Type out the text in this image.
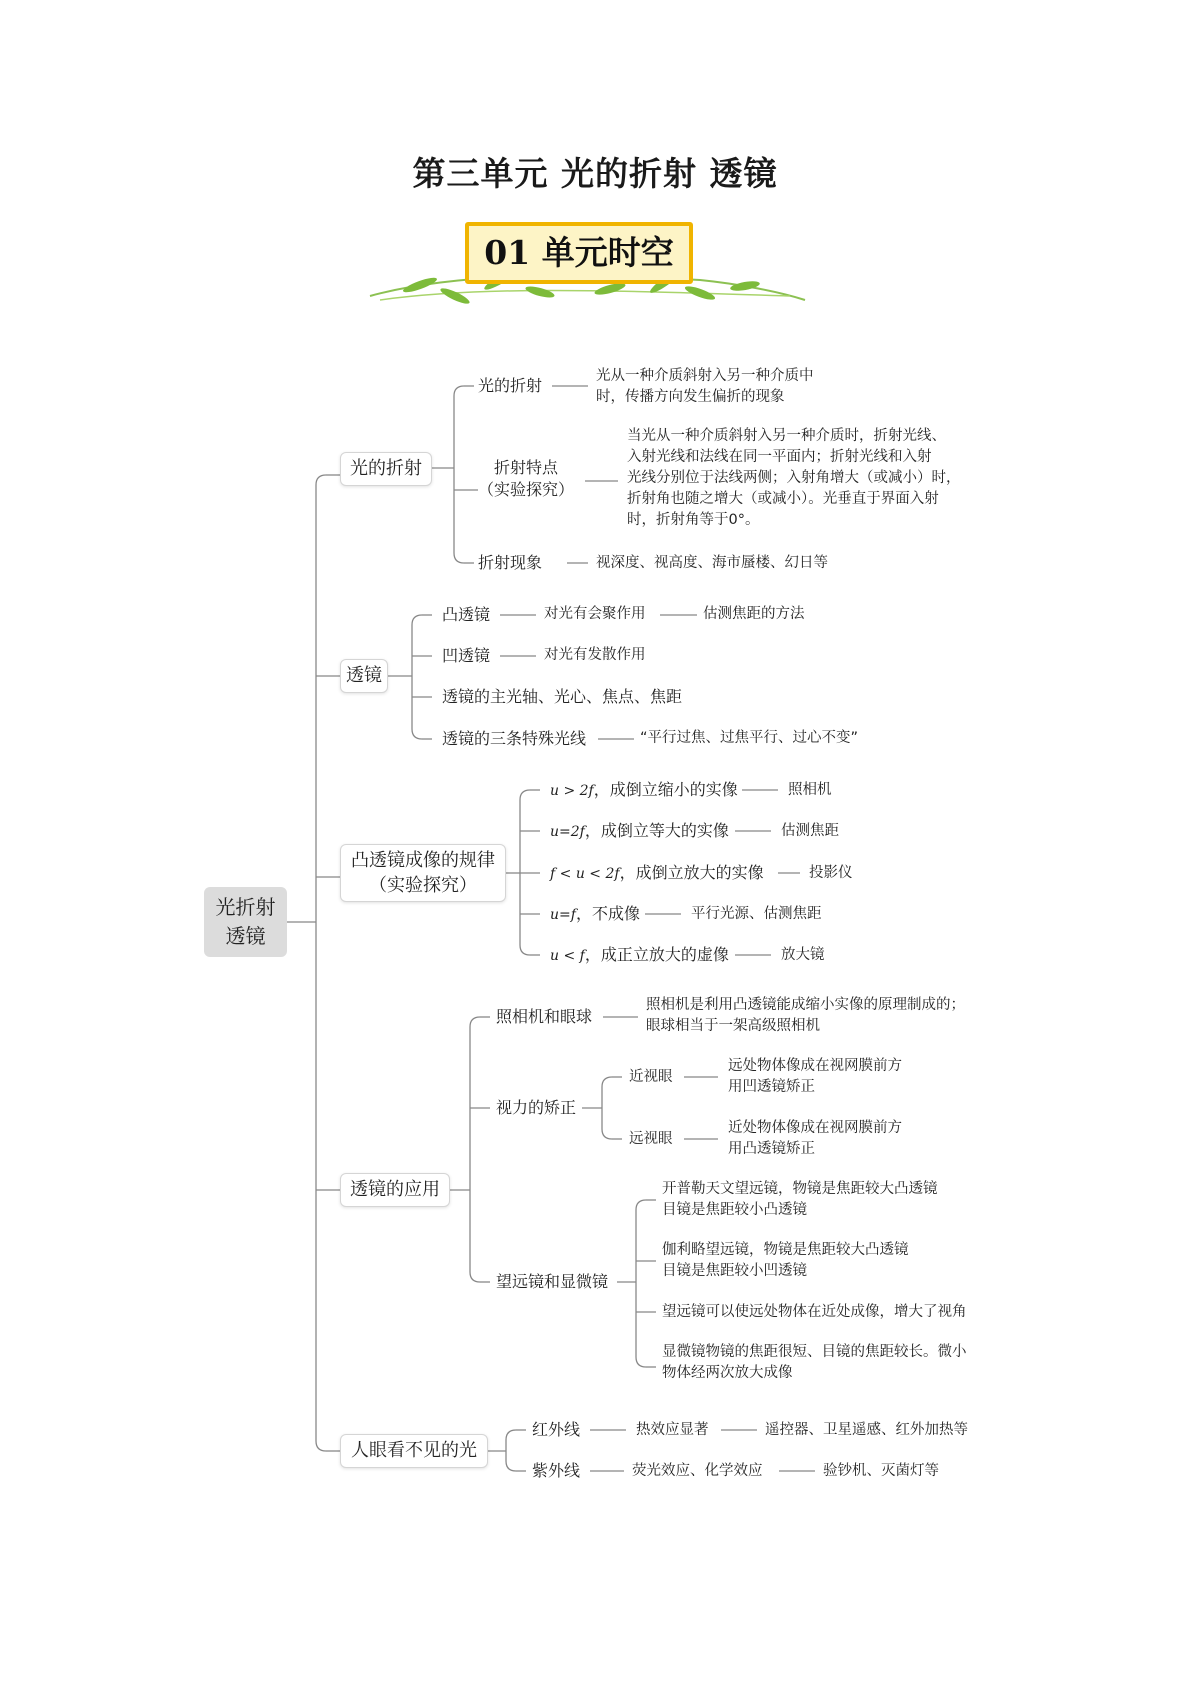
第三单元 光的折射 透镜
01 单元时空
光折射
透镜
光的折射
光的折射	光从一种介质斜射入另一种介质中
时，传播方向发生偏折的现象
折射特点
（实验探究）
当光从一种介质斜射入另一种介质时，折射光线、
入射光线和法线在同一平面内；折射光线和入射
光线分别位于法线两侧；入射角增大（或减小）时，
折射角也随之增大（或减小）。光垂直于界面入射
时，折射角等于0°。
折射现象	视深度、视高度、海市蜃楼、幻日等
透镜
凸透镜	对光有会聚作用	估测焦距的方法
凹透镜	对光有发散作用
透镜的主光轴、光心、焦点、焦距
透镜的三条特殊光线	“平行过焦、过焦平行、过心不变”
凸透镜成像的规律
（实验探究）
u > 2f，成倒立缩小的实像	照相机
u=2f，成倒立等大的实像	估测焦距
f < u < 2f，成倒立放大的实像	投影仪
u=f，不成像	平行光源、估测焦距
u < f，成正立放大的虚像	放大镜
透镜的应用
照相机和眼球
照相机是利用凸透镜能成缩小实像的原理制成的；
眼球相当于一架高级照相机
视力的矫正
近视眼
远处物体像成在视网膜前方
用凹透镜矫正
远视眼
近处物体像成在视网膜前方
用凸透镜矫正
望远镜和显微镜
开普勒天文望远镜，物镜是焦距较大凸透镜
目镜是焦距较小凸透镜
伽利略望远镜，物镜是焦距较大凸透镜
目镜是焦距较小凹透镜
望远镜可以使远处物体在近处成像，增大了视角
显微镜物镜的焦距很短、目镜的焦距较长。微小
物体经两次放大成像
人眼看不见的光
红外线	热效应显著	遥控器、卫星遥感、红外加热等
紫外线	荧光效应、化学效应	验钞机、灭菌灯等
